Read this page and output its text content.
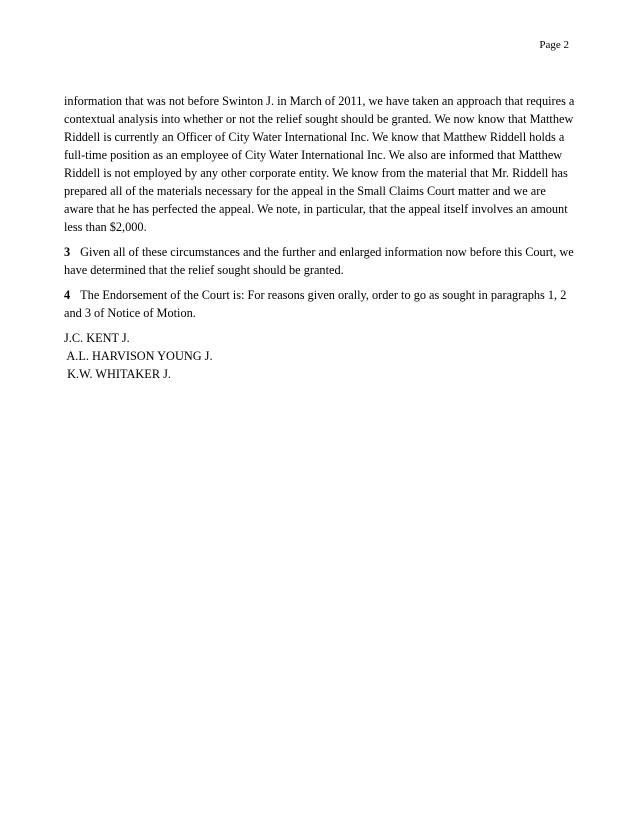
Page 2

information that was not before Swinton J. in March of 2011, we have taken an approach that requires a contextual analysis into whether or not the relief sought should be granted. We now know that Matthew Riddell is currently an Officer of City Water International Inc. We know that Matthew Riddell holds a full-time position as an employee of City Water International Inc. We also are informed that Matthew Riddell is not employed by any other corporate entity. We know from the material that Mr. Riddell has prepared all of the materials necessary for the appeal in the Small Claims Court matter and we are aware that he has perfected the appeal. We note, in particular, that the appeal itself involves an amount less than $2,000.

3 Given all of these circumstances and the further and enlarged information now before this Court, we have determined that the relief sought should be granted.

4 The Endorsement of the Court is: For reasons given orally, order to go as sought in paragraphs 1, 2 and 3 of Notice of Motion.

J.C. KENT J.
A.L. HARVISON YOUNG J.
K.W. WHITAKER J.
